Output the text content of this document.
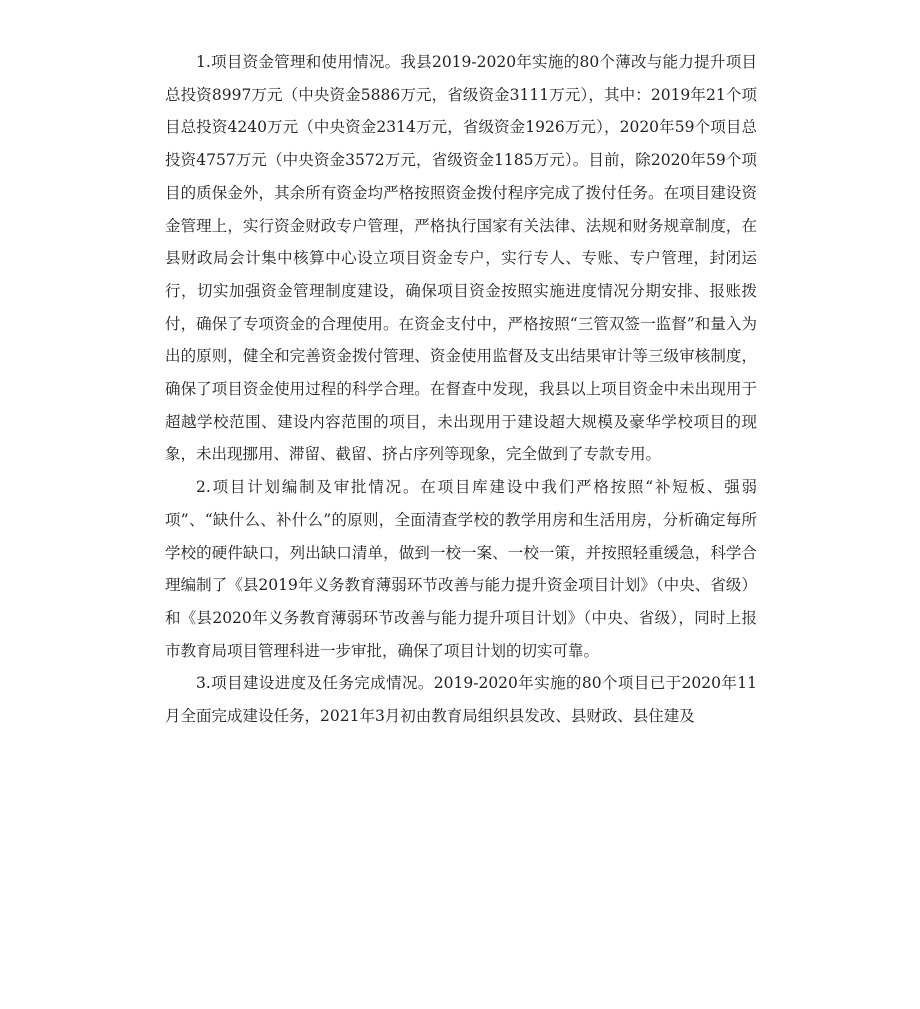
1.项目资金管理和使用情况。我县2019-2020年实施的80个薄改与能力提升项目总投资8997万元（中央资金5886万元，省级资金3111万元），其中：2019年21个项目总投资4240万元（中央资金2314万元，省级资金1926万元），2020年59个项目总投资4757万元（中央资金3572万元，省级资金1185万元）。目前，除2020年59个项目的质保金外，其余所有资金均严格按照资金拨付程序完成了拨付任务。在项目建设资金管理上，实行资金财政专户管理，严格执行国家有关法律、法规和财务规章制度，在县财政局会计集中核算中心设立项目资金专户，实行专人、专账、专户管理，封闭运行，切实加强资金管理制度建设，确保项目资金按照实施进度情况分期安排、报账拨付，确保了专项资金的合理使用。在资金支付中，严格按照“三管双签一监督”和量入为出的原则，健全和完善资金拨付管理、资金使用监督及支出结果审计等三级审核制度，确保了项目资金使用过程的科学合理。在督查中发现，我县以上项目资金中未出现用于超越学校范围、建设内容范围的项目，未出现用于建设超大规模及豪华学校项目的现象，未出现挪用、滞留、截留、挤占序列等现象，完全做到了专款专用。

2.项目计划编制及审批情况。在项目库建设中我们严格按照“补短板、强弱项”、“缺什么、补什么”的原则，全面清查学校的教学用房和生活用房，分析确定每所学校的硬件缺口，列出缺口清单，做到一校一案、一校一策，并按照轻重缓急，科学合理编制了《县2019年义务教育薄弱环节改善与能力提升资金项目计划》（中央、省级）和《县2020年义务教育薄弱环节改善与能力提升项目计划》（中央、省级），同时上报市教育局项目管理科进一步审批，确保了项目计划的切实可靠。

3.项目建设进度及任务完成情况。2019-2020年实施的80个项目已于2020年11月全面完成建设任务，2021年3月初由教育局组织县发改、县财政、县住建及
